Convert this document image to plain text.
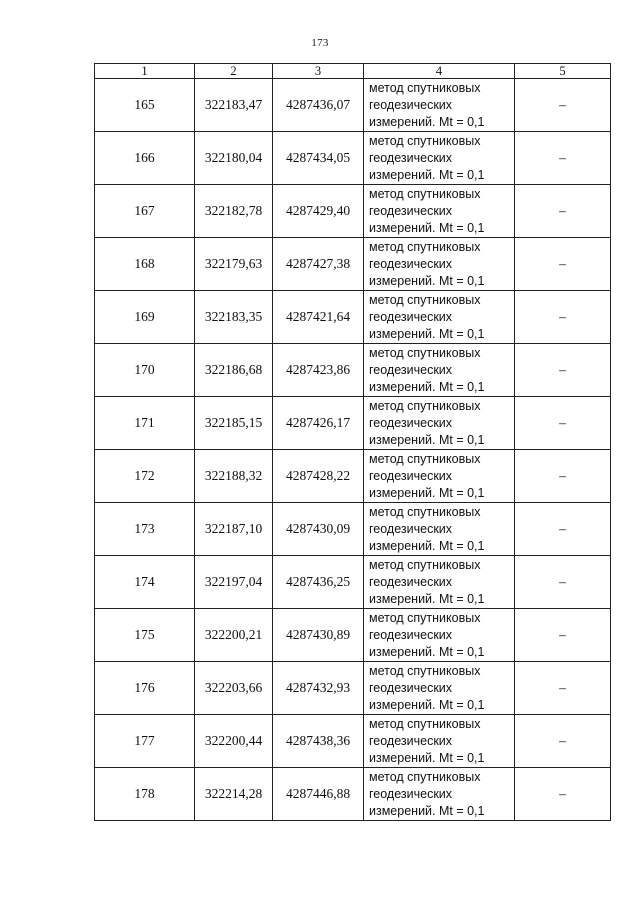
173
1	2	3	4	5
165	322183,47	4287436,07	метод спутниковых
геодезических
измерений. Mt = 0,1	–
166	322180,04	4287434,05	метод спутниковых
геодезических
измерений. Mt = 0,1	–
167	322182,78	4287429,40	метод спутниковых
геодезических
измерений. Mt = 0,1	–
168	322179,63	4287427,38	метод спутниковых
геодезических
измерений. Mt = 0,1	–
169	322183,35	4287421,64	метод спутниковых
геодезических
измерений. Mt = 0,1	–
170	322186,68	4287423,86	метод спутниковых
геодезических
измерений. Mt = 0,1	–
171	322185,15	4287426,17	метод спутниковых
геодезических
измерений. Mt = 0,1	–
172	322188,32	4287428,22	метод спутниковых
геодезических
измерений. Mt = 0,1	–
173	322187,10	4287430,09	метод спутниковых
геодезических
измерений. Mt = 0,1	–
174	322197,04	4287436,25	метод спутниковых
геодезических
измерений. Mt = 0,1	–
175	322200,21	4287430,89	метод спутниковых
геодезических
измерений. Mt = 0,1	–
176	322203,66	4287432,93	метод спутниковых
геодезических
измерений. Mt = 0,1	–
177	322200,44	4287438,36	метод спутниковых
геодезических
измерений. Mt = 0,1	–
178	322214,28	4287446,88	метод спутниковых
геодезических
измерений. Mt = 0,1	–
